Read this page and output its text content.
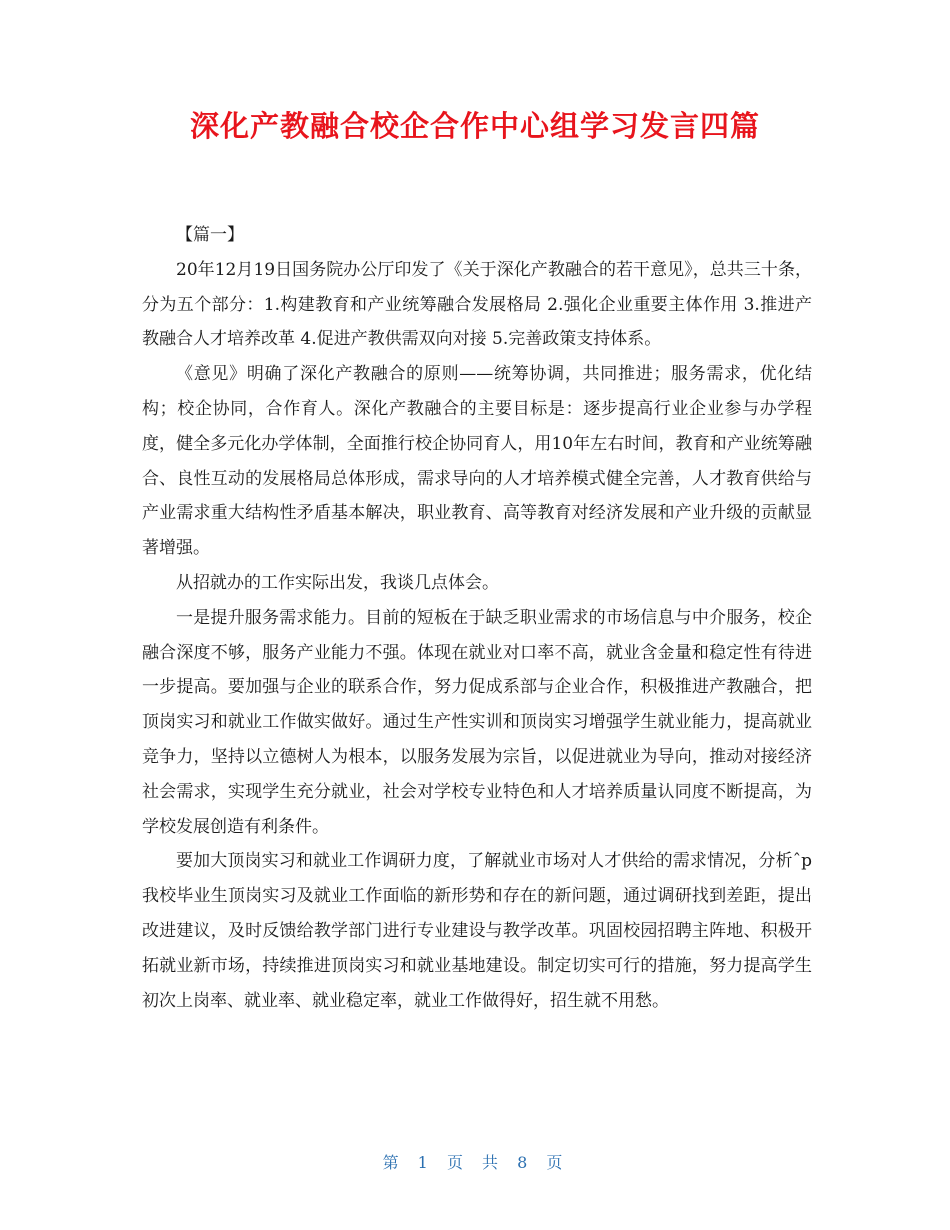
深化产教融合校企合作中心组学习发言四篇

【篇一】

20年12月19日国务院办公厅印发了《关于深化产教融合的若干意见》，总共三十条，分为五个部分：1.构建教育和产业统筹融合发展格局 2.强化企业重要主体作用 3.推进产教融合人才培养改革 4.促进产教供需双向对接 5.完善政策支持体系。

《意见》明确了深化产教融合的原则——统筹协调，共同推进；服务需求，优化结构；校企协同，合作育人。深化产教融合的主要目标是：逐步提高行业企业参与办学程度，健全多元化办学体制，全面推行校企协同育人，用10年左右时间，教育和产业统筹融合、良性互动的发展格局总体形成，需求导向的人才培养模式健全完善，人才教育供给与产业需求重大结构性矛盾基本解决，职业教育、高等教育对经济发展和产业升级的贡献显著增强。

从招就办的工作实际出发，我谈几点体会。

一是提升服务需求能力。目前的短板在于缺乏职业需求的市场信息与中介服务，校企融合深度不够，服务产业能力不强。体现在就业对口率不高，就业含金量和稳定性有待进一步提高。要加强与企业的联系合作，努力促成系部与企业合作，积极推进产教融合，把顶岗实习和就业工作做实做好。通过生产性实训和顶岗实习增强学生就业能力，提高就业竞争力，坚持以立德树人为根本，以服务发展为宗旨，以促进就业为导向，推动对接经济社会需求，实现学生充分就业，社会对学校专业特色和人才培养质量认同度不断提高，为学校发展创造有利条件。

要加大顶岗实习和就业工作调研力度，了解就业市场对人才供给的需求情况，分析ˆp　　我校毕业生顶岗实习及就业工作面临的新形势和存在的新问题，通过调研找到差距，提出改进建议，及时反馈给教学部门进行专业建设与教学改革。巩固校园招聘主阵地、积极开拓就业新市场，持续推进顶岗实习和就业基地建设。制定切实可行的措施，努力提高学生初次上岗率、就业率、就业稳定率，就业工作做得好，招生就不用愁。

第 1 页 共 8 页
